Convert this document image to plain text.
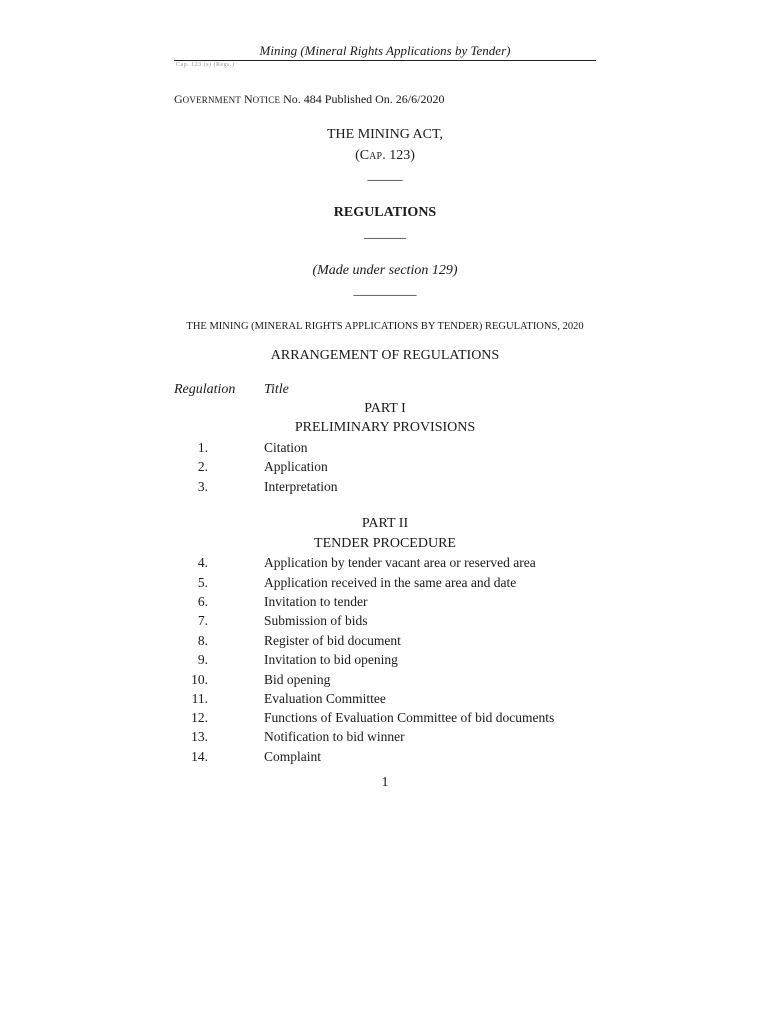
Mining (Mineral Rights Applications by Tender)
Cap. 123 (s) (Regs.)
GOVERNMENT NOTICE No. 484 Published On. 26/6/2020
THE MINING ACT,
(CAP. 123)
_____
REGULATIONS
______
(Made under section 129)
_________
THE MINING (MINERAL RIGHTS APPLICATIONS BY TENDER) REGULATIONS, 2020
ARRANGEMENT OF REGULATIONS
Regulation Title
PART I
PRELIMINARY PROVISIONS
1.	Citation
2.	Application
3.	Interpretation
PART II
TENDER PROCEDURE
4.	Application by tender vacant area or reserved area
5.	Application received in the same area and date
6.	Invitation to tender
7.	Submission of bids
8.	Register of bid document
9.	Invitation to bid opening
10.	Bid opening
11.	Evaluation Committee
12.	Functions of Evaluation Committee of bid documents
13.	Notification to bid winner
14.	Complaint
1
